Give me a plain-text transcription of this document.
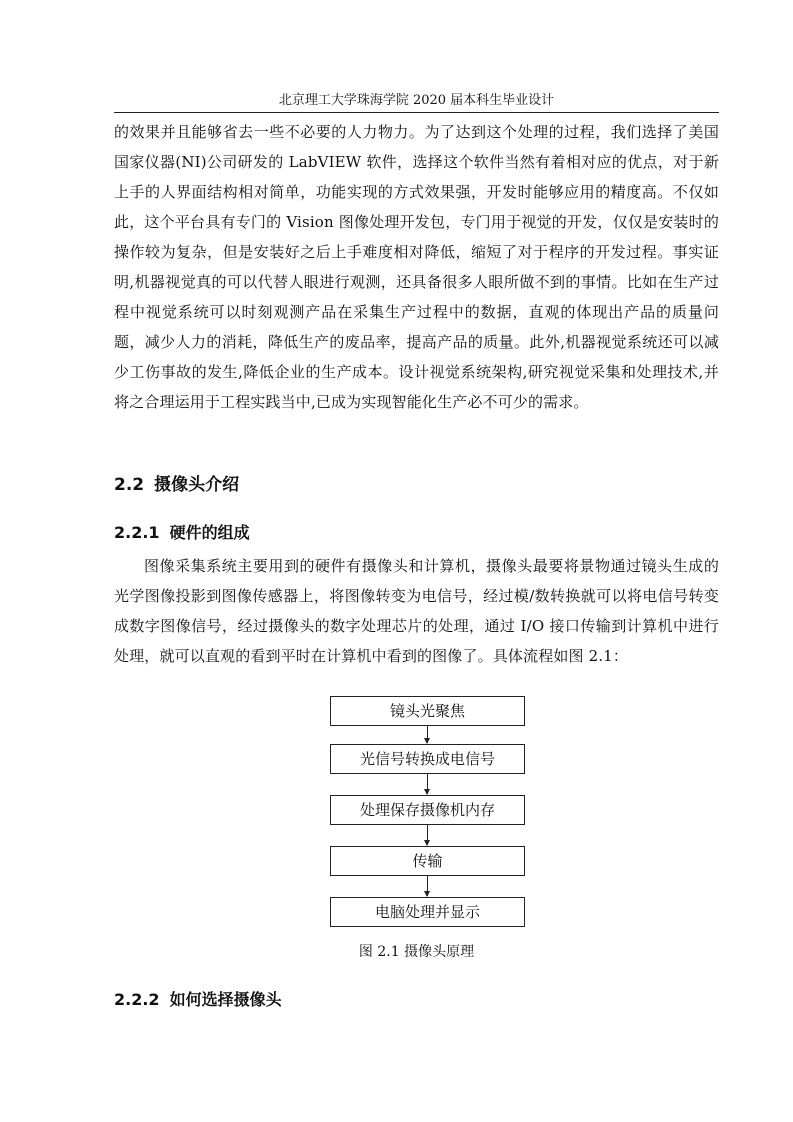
北京理工大学珠海学院 2020 届本科生毕业设计

的效果并且能够省去一些不必要的人力物力。为了达到这个处理的过程，我们选择了美国国家仪器(NI)公司研发的 LabVIEW 软件，选择这个软件当然有着相对应的优点，对于新上手的人界面结构相对简单，功能实现的方式效果强，开发时能够应用的精度高。不仅如此，这个平台具有专门的 Vision 图像处理开发包，专门用于视觉的开发，仅仅是安装时的操作较为复杂，但是安装好之后上手难度相对降低，缩短了对于程序的开发过程。事实证明,机器视觉真的可以代替人眼进行观测，还具备很多人眼所做不到的事情。比如在生产过程中视觉系统可以时刻观测产品在采集生产过程中的数据，直观的体现出产品的质量问题，减少人力的消耗，降低生产的废品率，提高产品的质量。此外,机器视觉系统还可以减少工伤事故的发生,降低企业的生产成本。设计视觉系统架构,研究视觉采集和处理技术,并将之合理运用于工程实践当中,已成为实现智能化生产必不可少的需求。

2.2 摄像头介绍
2.2.1 硬件的组成

图像采集系统主要用到的硬件有摄像头和计算机，摄像头最要将景物通过镜头生成的光学图像投影到图像传感器上，将图像转变为电信号，经过模/数转换就可以将电信号转变成数字图像信号，经过摄像头的数字处理芯片的处理，通过 I/O 接口传输到计算机中进行处理，就可以直观的看到平时在计算机中看到的图像了。具体流程如图 2.1：

镜头光聚焦
光信号转换成电信号
处理保存摄像机内存
传输
电脑处理并显示
图 2.1 摄像头原理
2.2.2 如何选择摄像头
